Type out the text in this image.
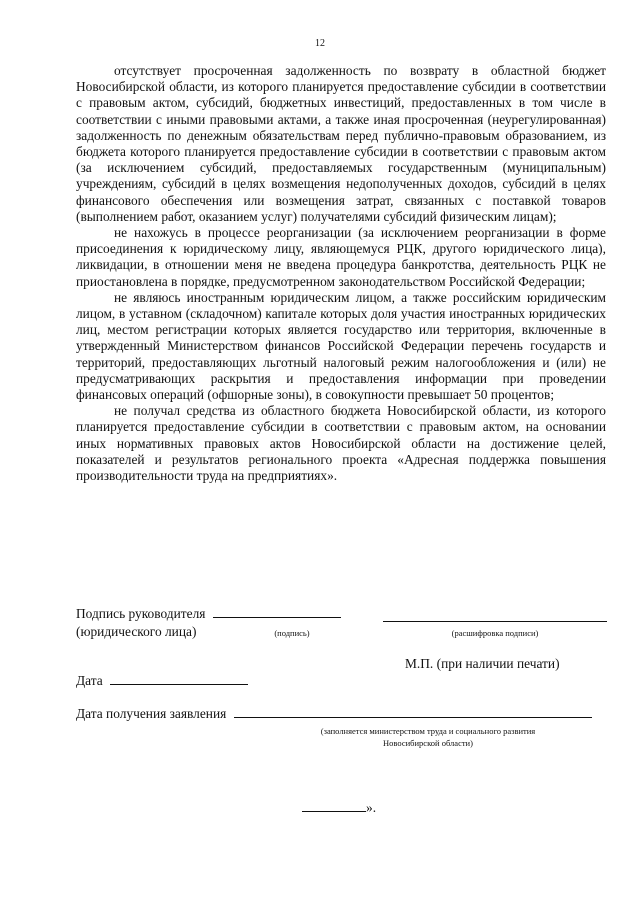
12

отсутствует просроченная задолженность по возврату в областной бюджет Новосибирской области, из которого планируется предоставление субсидии в соответствии с правовым актом, субсидий, бюджетных инвестиций, предоставленных в том числе в соответствии с иными правовыми актами, а также иная просроченная (неурегулированная) задолженность по денежным обязательствам перед публично-правовым образованием, из бюджета которого планируется предоставление субсидии в соответствии с правовым актом (за исключением субсидий, предоставляемых государственным (муниципальным) учреждениям, субсидий в целях возмещения недополученных доходов, субсидий в целях финансового обеспечения или возмещения затрат, связанных с поставкой товаров (выполнением работ, оказанием услуг) получателями субсидий физическим лицам);

не нахожусь в процессе реорганизации (за исключением реорганизации в форме присоединения к юридическому лицу, являющемуся РЦК, другого юридического лица), ликвидации, в отношении меня не введена процедура банкротства, деятельность РЦК не приостановлена в порядке, предусмотренном законодательством Российской Федерации;

не являюсь иностранным юридическим лицом, а также российским юридическим лицом, в уставном (складочном) капитале которых доля участия иностранных юридических лиц, местом регистрации которых является государство или территория, включенные в утвержденный Министерством финансов Российской Федерации перечень государств и территорий, предоставляющих льготный налоговый режим налогообложения и (или) не предусматривающих раскрытия и предоставления информации при проведении финансовых операций (офшорные зоны), в совокупности превышает 50 процентов;

не получал средства из областного бюджета Новосибирской области, из которого планируется предоставление субсидии в соответствии с правовым актом, на основании иных нормативных правовых актов Новосибирской области на достижение целей, показателей и результатов регионального проекта «Адресная поддержка повышения производительности труда на предприятиях».

Подпись руководителя
(юридического лица)	(подпись)	(расшифровка подписи)
М.П. (при наличии печати)
Дата
Дата получения заявления
(заполняется министерством труда и социального развития
Новосибирской области)
».
